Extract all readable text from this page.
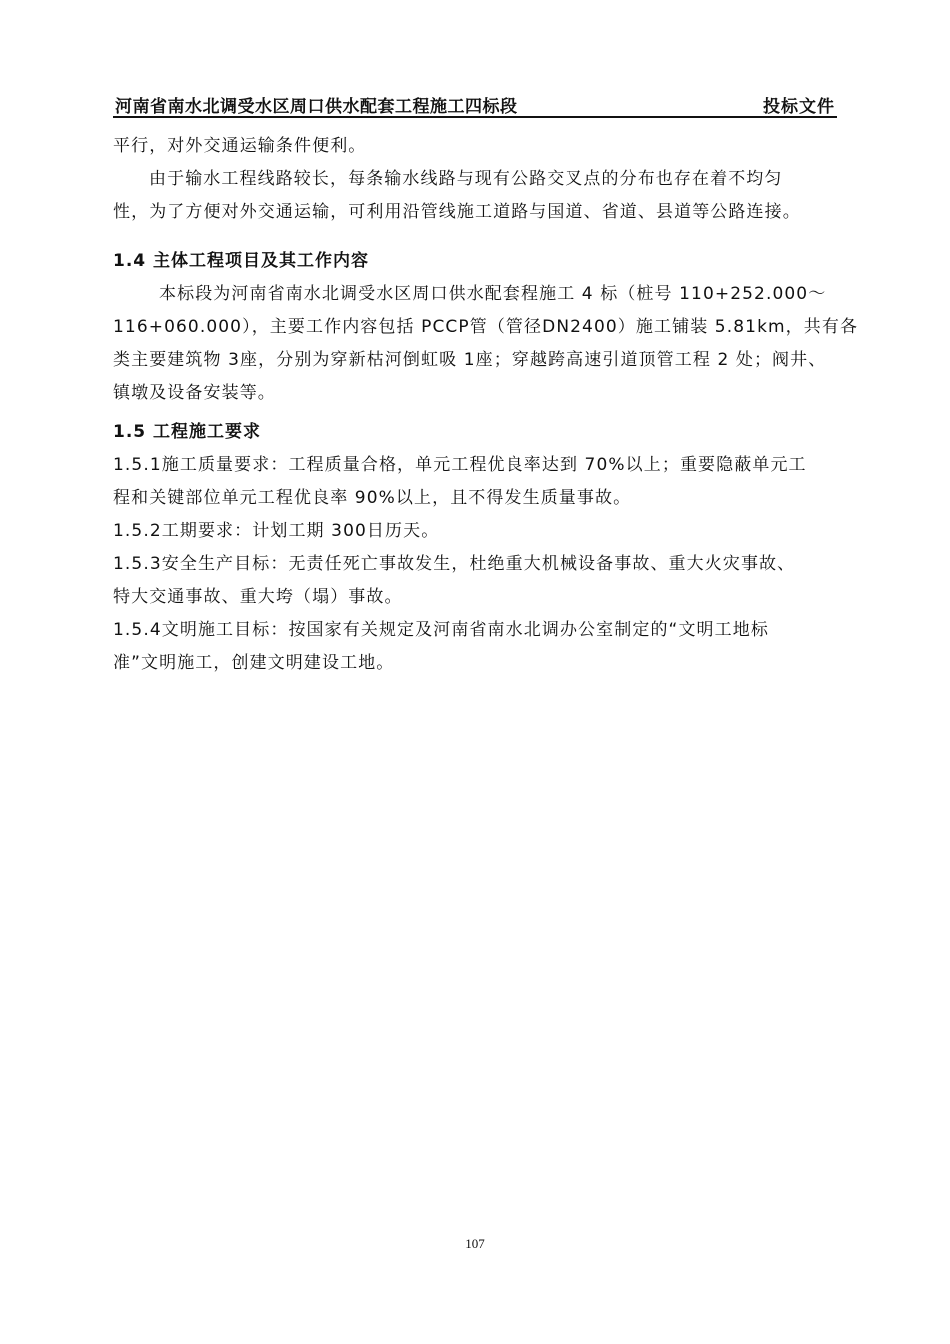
河南省南水北调受水区周口供水配套工程施工四标段	投标文件
平行，对外交通运输条件便利。
由于输水工程线路较长，每条输水线路与现有公路交叉点的分布也存在着不均匀
性，为了方便对外交通运输，可利用沿管线施工道路与国道、省道、县道等公路连接。
1.4 主体工程项目及其工作内容
本标段为河南省南水北调受水区周口供水配套程施工 4 标（桩号 110+252.000～
116+060.000），主要工作内容包括 PCCP管（管径DN2400）施工铺装 5.81km，共有各
类主要建筑物 3座，分别为穿新枯河倒虹吸 1座；穿越跨高速引道顶管工程 2 处；阀井、
镇墩及设备安装等。
1.5 工程施工要求
1.5.1施工质量要求：工程质量合格，单元工程优良率达到 70%以上；重要隐蔽单元工
程和关键部位单元工程优良率 90%以上，且不得发生质量事故。
1.5.2工期要求：计划工期 300日历天。
1.5.3安全生产目标：无责任死亡事故发生，杜绝重大机械设备事故、重大火灾事故、
特大交通事故、重大垮（塌）事故。
1.5.4文明施工目标：按国家有关规定及河南省南水北调办公室制定的“文明工地标
准”文明施工，创建文明建设工地。
107
